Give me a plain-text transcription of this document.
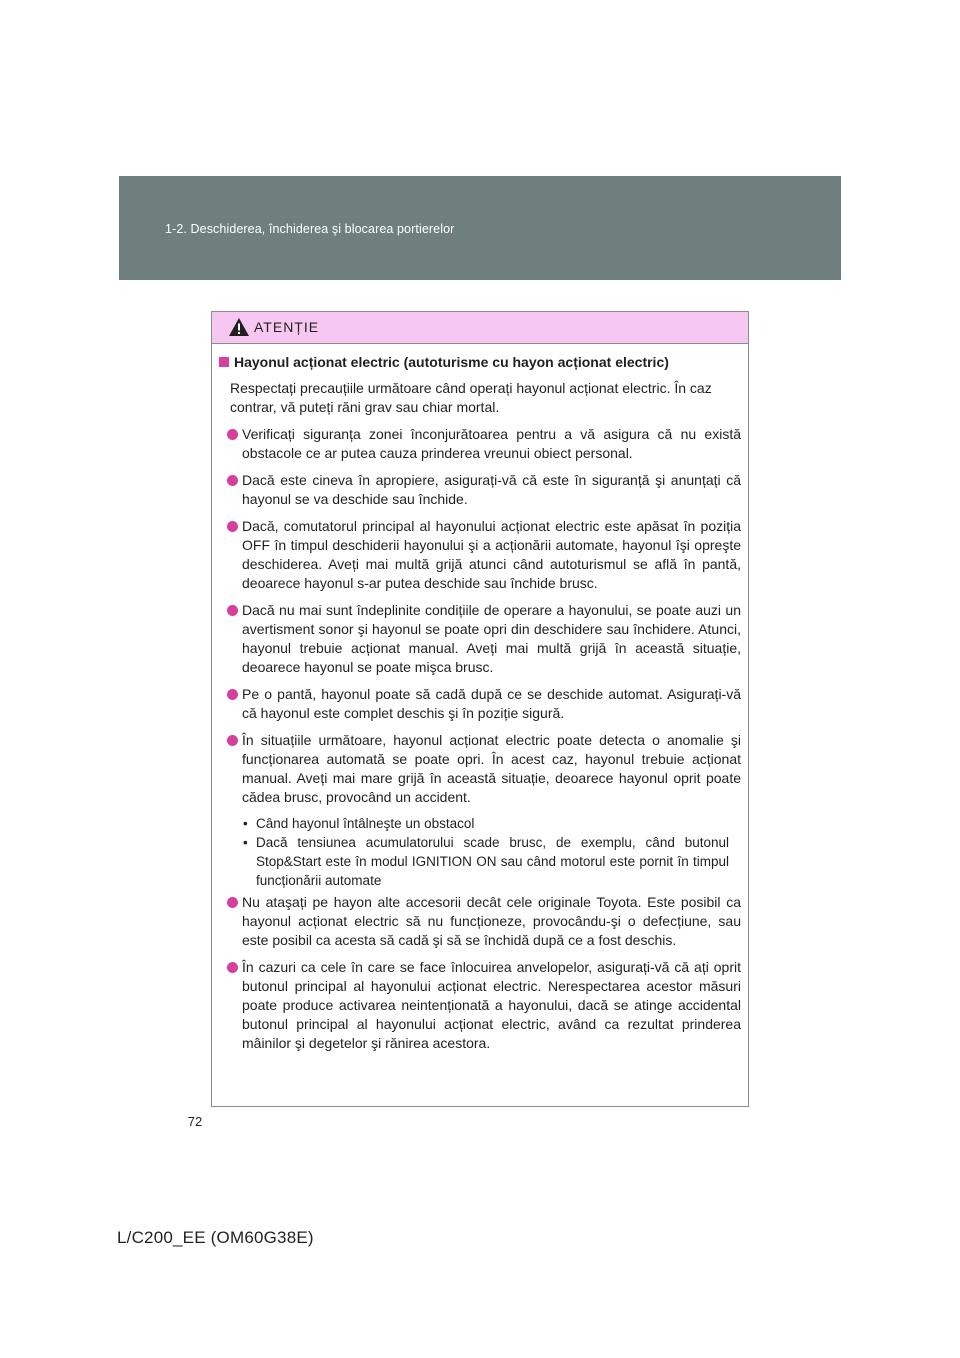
1-2. Deschiderea, închiderea şi blocarea portierelor
ATENȚIE
Hayonul acționat electric (autoturisme cu hayon acționat electric)
Respectați precauțiile următoare când operați hayonul acționat electric. În caz contrar, vă puteți răni grav sau chiar mortal.
Verificați siguranța zonei înconjurătoarea pentru a vă asigura că nu există obstacole ce ar putea cauza prinderea vreunui obiect personal.
Dacă este cineva în apropiere, asigurați-vă că este în siguranță şi anunțați că hayonul se va deschide sau închide.
Dacă, comutatorul principal al hayonului acționat electric este apăsat în poziția OFF în timpul deschiderii hayonului şi a acționării automate, hayonul îşi opreşte deschiderea. Aveți mai multă grijă atunci când autoturismul se află în pantă, deoarece hayonul s-ar putea deschide sau închide brusc.
Dacă nu mai sunt îndeplinite condițiile de operare a hayonului, se poate auzi un avertisment sonor şi hayonul se poate opri din deschidere sau închidere. Atunci, hayonul trebuie acționat manual. Aveți mai multă grijă în această situație, deoarece hayonul se poate mişca brusc.
Pe o pantă, hayonul poate să cadă după ce se deschide automat. Asigurați-vă că hayonul este complet deschis şi în poziție sigură.
În situațiile următoare, hayonul acționat electric poate detecta o anomalie şi funcționarea automată se poate opri. În acest caz, hayonul trebuie acționat manual. Aveți mai mare grijă în această situație, deoarece hayonul oprit poate cădea brusc, provocând un accident.
• Când hayonul întâlneşte un obstacol
• Dacă tensiunea acumulatorului scade brusc, de exemplu, când butonul Stop&Start este în modul IGNITION ON sau când motorul este pornit în timpul funcționării automate
Nu ataşați pe hayon alte accesorii decât cele originale Toyota. Este posibil ca hayonul acționat electric să nu funcționeze, provocându-şi o defecțiune, sau este posibil ca acesta să cadă şi să se închidă după ce a fost deschis.
În cazuri ca cele în care se face înlocuirea anvelopelor, asigurați-vă că ați oprit butonul principal al hayonului acționat electric. Nerespectarea acestor măsuri poate produce activarea neintenționată a hayonului, dacă se atinge accidental butonul principal al hayonului acționat electric, având ca rezultat prinderea mâinilor şi degetelor şi rănirea acestora.
72
L/C200_EE (OM60G38E)
